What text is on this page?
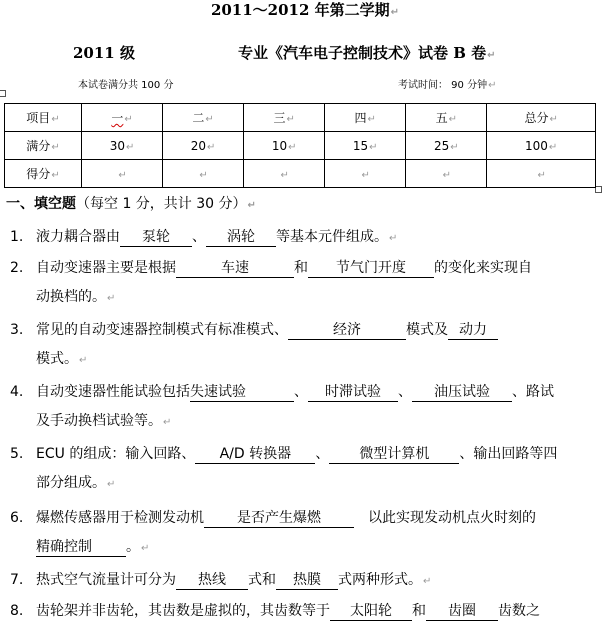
2011～2012 年第二学期↵
2011 级	专业《汽车电子控制技术》试卷 B 卷↵
本试卷满分共 100 分	考试时间： 90 分钟↵
项目↵	一↵	二↵	三↵	四↵	五↵	总分↵
满分↵	30↵	20↵	10↵	15↵	25↵	100↵
得分↵	↵	↵	↵	↵	↵	↵
一、填空题（每空 1 分，共计 30 分）↵
1. 液力耦合器由 泵轮 、 涡轮 等基本元件组成。↵
2. 自动变速器主要是根据	车速	和 节气门开度 的变化来实现自
动换档的。↵
3. 常见的自动变速器控制模式有标准模式、	经济	模式及 动力
模式。↵
4. 自动变速器性能试验包括失速试验	、 时滞试验 、 油压试验 、路试
及手动换档试验等。↵
5. ECU 的组成：输入回路、 A/D 转换器 、 微型计算机 、输出回路等四
部分组成。↵
6. 爆燃传感器用于检测发动机 是否产生爆燃	以此实现发动机点火时刻的
精确控制 。↵
7. 热式空气流量计可分为 热线 式和 热膜 式两种形式。↵
8. 齿轮架并非齿轮，其齿数是虚拟的，其齿数等于 太阳轮 和 齿圈 齿数之
